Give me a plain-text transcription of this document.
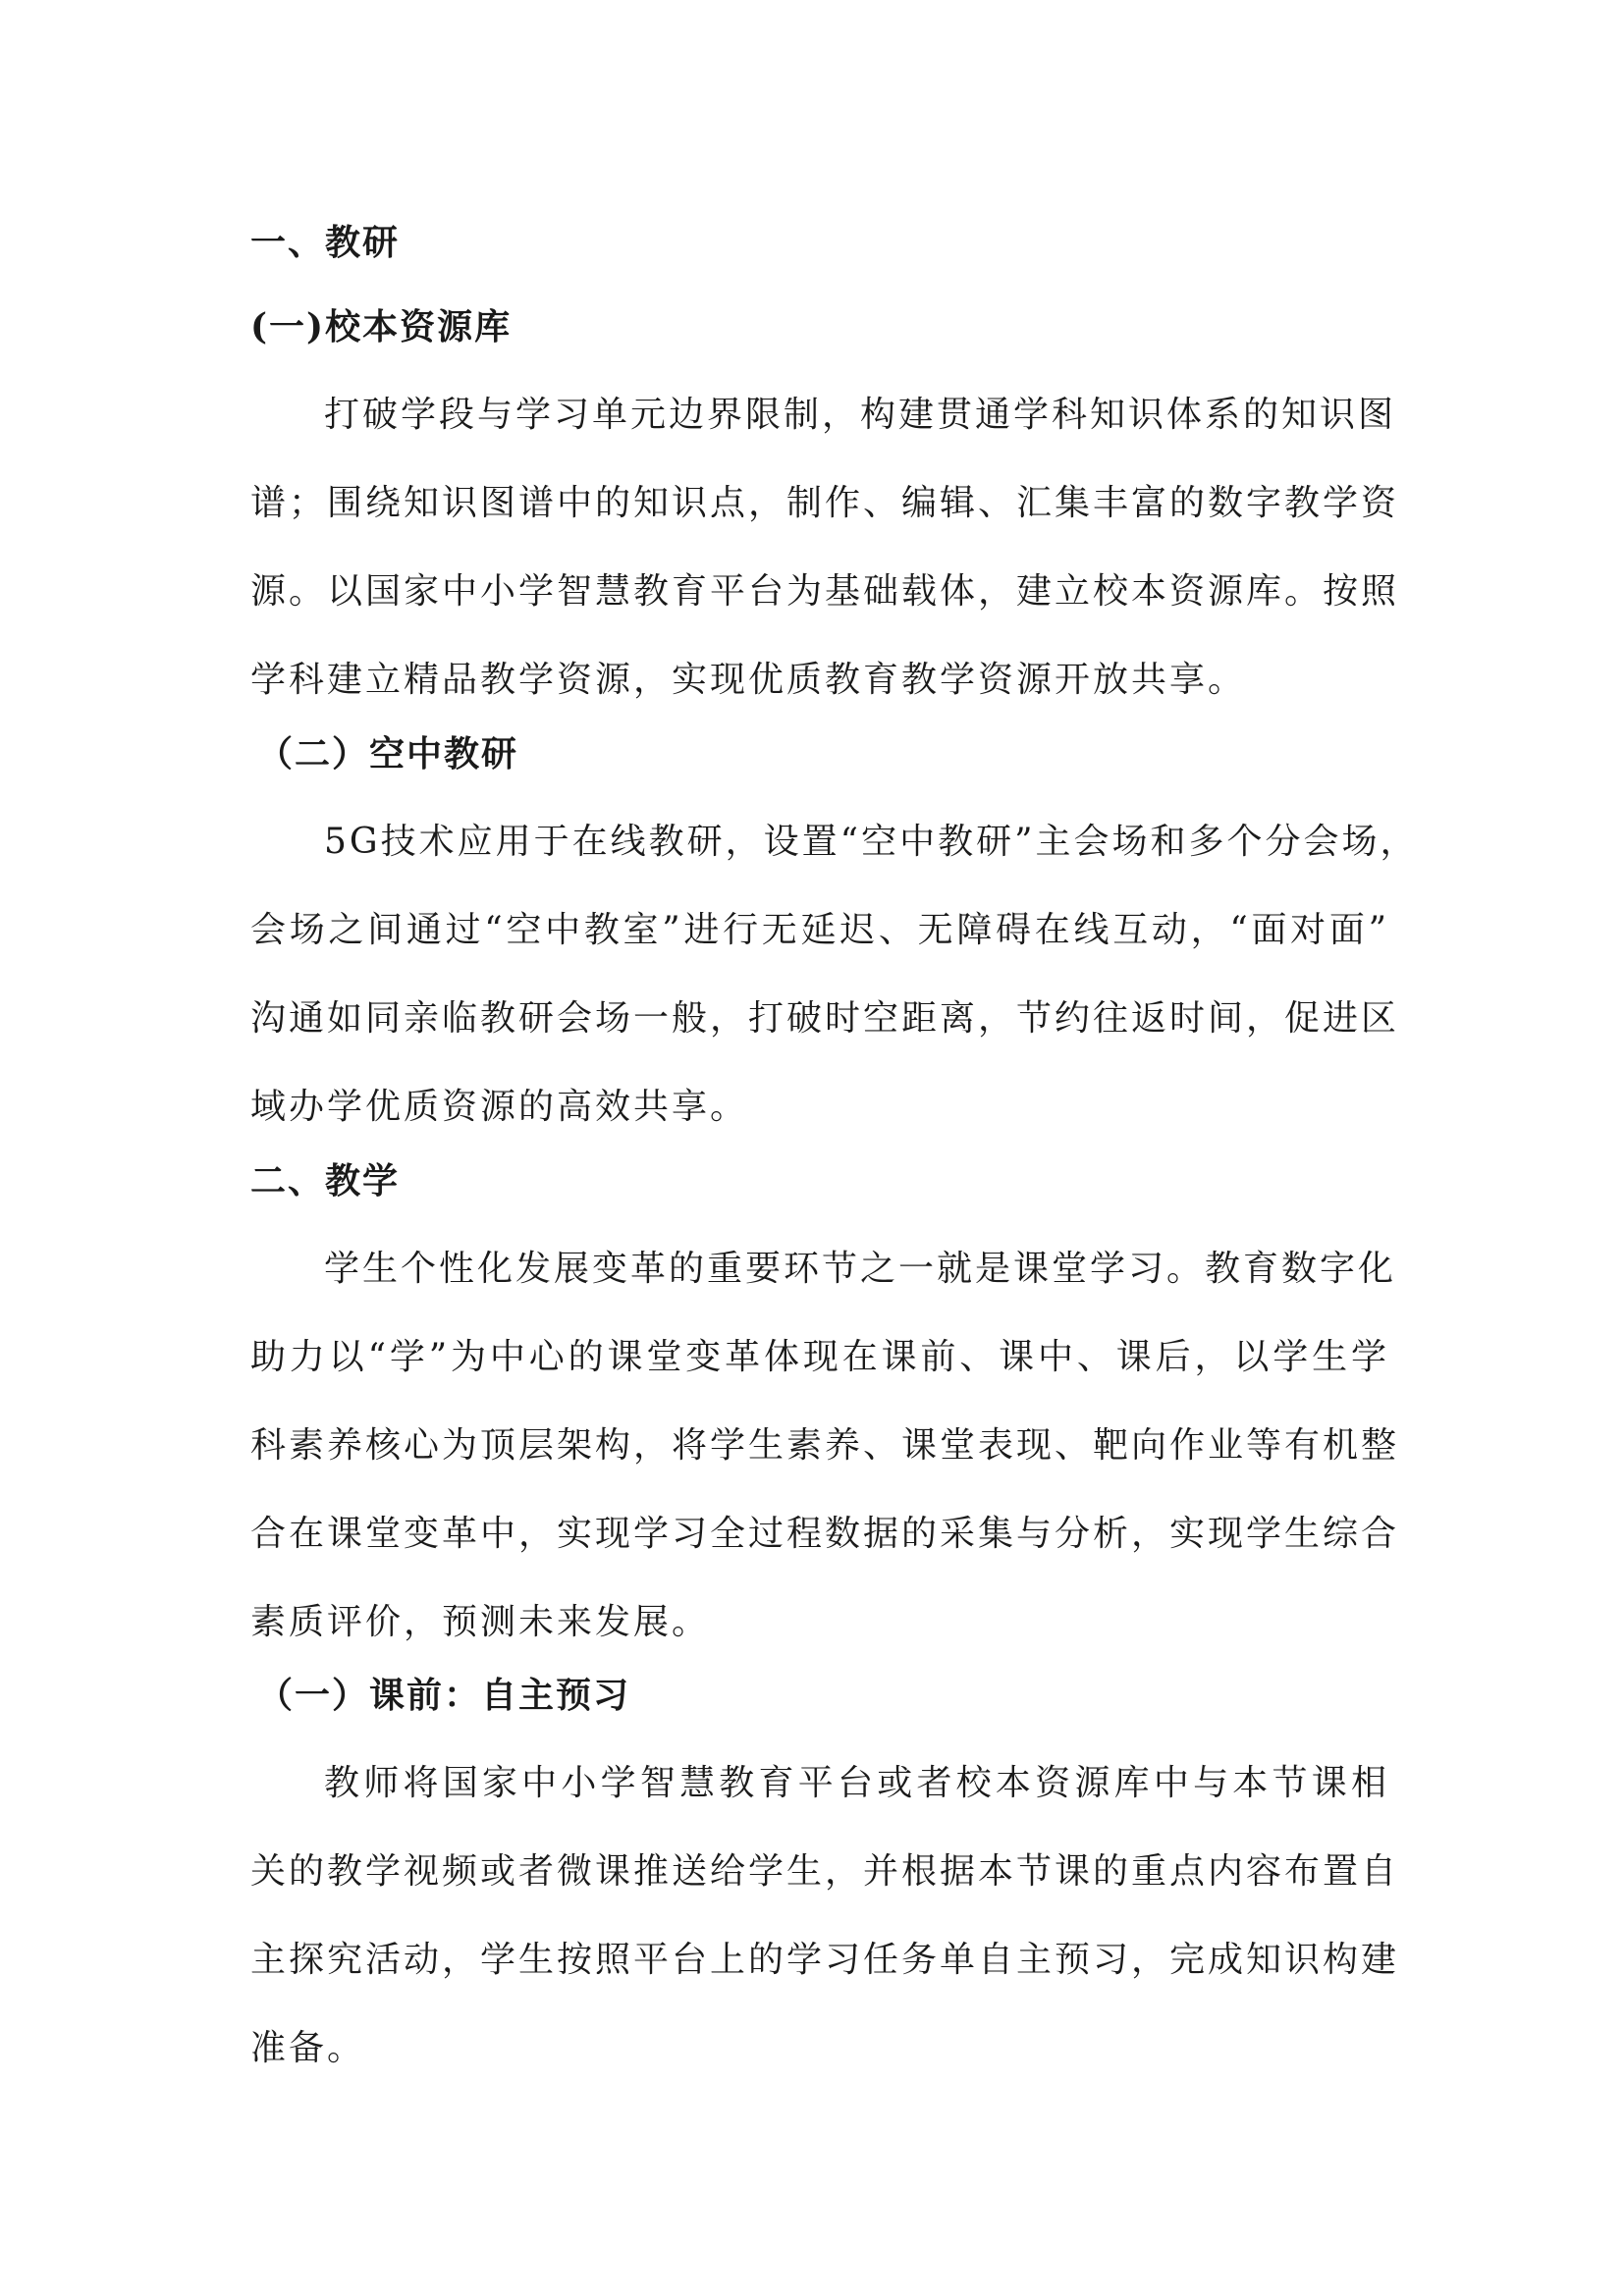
一、教研
(一)校本资源库
打破学段与学习单元边界限制，构建贯通学科知识体系的知识图
谱；围绕知识图谱中的知识点，制作、编辑、汇集丰富的数字教学资
源。以国家中小学智慧教育平台为基础载体，建立校本资源库。按照
学科建立精品教学资源，实现优质教育教学资源开放共享。
（二）空中教研
5G技术应用于在线教研，设置“空中教研”主会场和多个分会场，
会场之间通过“空中教室”进行无延迟、无障碍在线互动，“面对面”
沟通如同亲临教研会场一般，打破时空距离，节约往返时间，促进区
域办学优质资源的高效共享。
二、教学
学生个性化发展变革的重要环节之一就是课堂学习。教育数字化
助力以“学”为中心的课堂变革体现在课前、课中、课后，以学生学
科素养核心为顶层架构，将学生素养、课堂表现、靶向作业等有机整
合在课堂变革中，实现学习全过程数据的采集与分析，实现学生综合
素质评价，预测未来发展。
（一）课前：自主预习
教师将国家中小学智慧教育平台或者校本资源库中与本节课相
关的教学视频或者微课推送给学生，并根据本节课的重点内容布置自
主探究活动，学生按照平台上的学习任务单自主预习，完成知识构建
准备。
